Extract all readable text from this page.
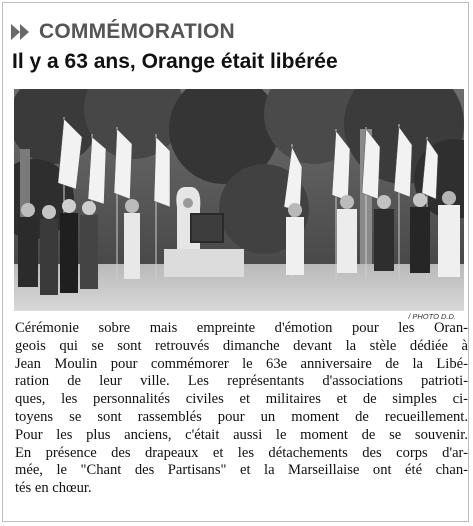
COMMÉMORATION
Il y a 63 ans, Orange était libérée
/ PHOTO D.D.
Cérémonie sobre mais empreinte d'émotion pour les Oran-
geois qui se sont retrouvés dimanche devant la stèle dédiée à
Jean Moulin pour commémorer le 63e anniversaire de la Libé-
ration de leur ville. Les représentants d'associations patrioti-
ques, les personnalités civiles et militaires et de simples ci-
toyens se sont rassemblés pour un moment de recueillement.
Pour les plus anciens, c'était aussi le moment de se souvenir.
En présence des drapeaux et les détachements des corps d'ar-
mée, le "Chant des Partisans" et la Marseillaise ont été chan-
tés en chœur.
